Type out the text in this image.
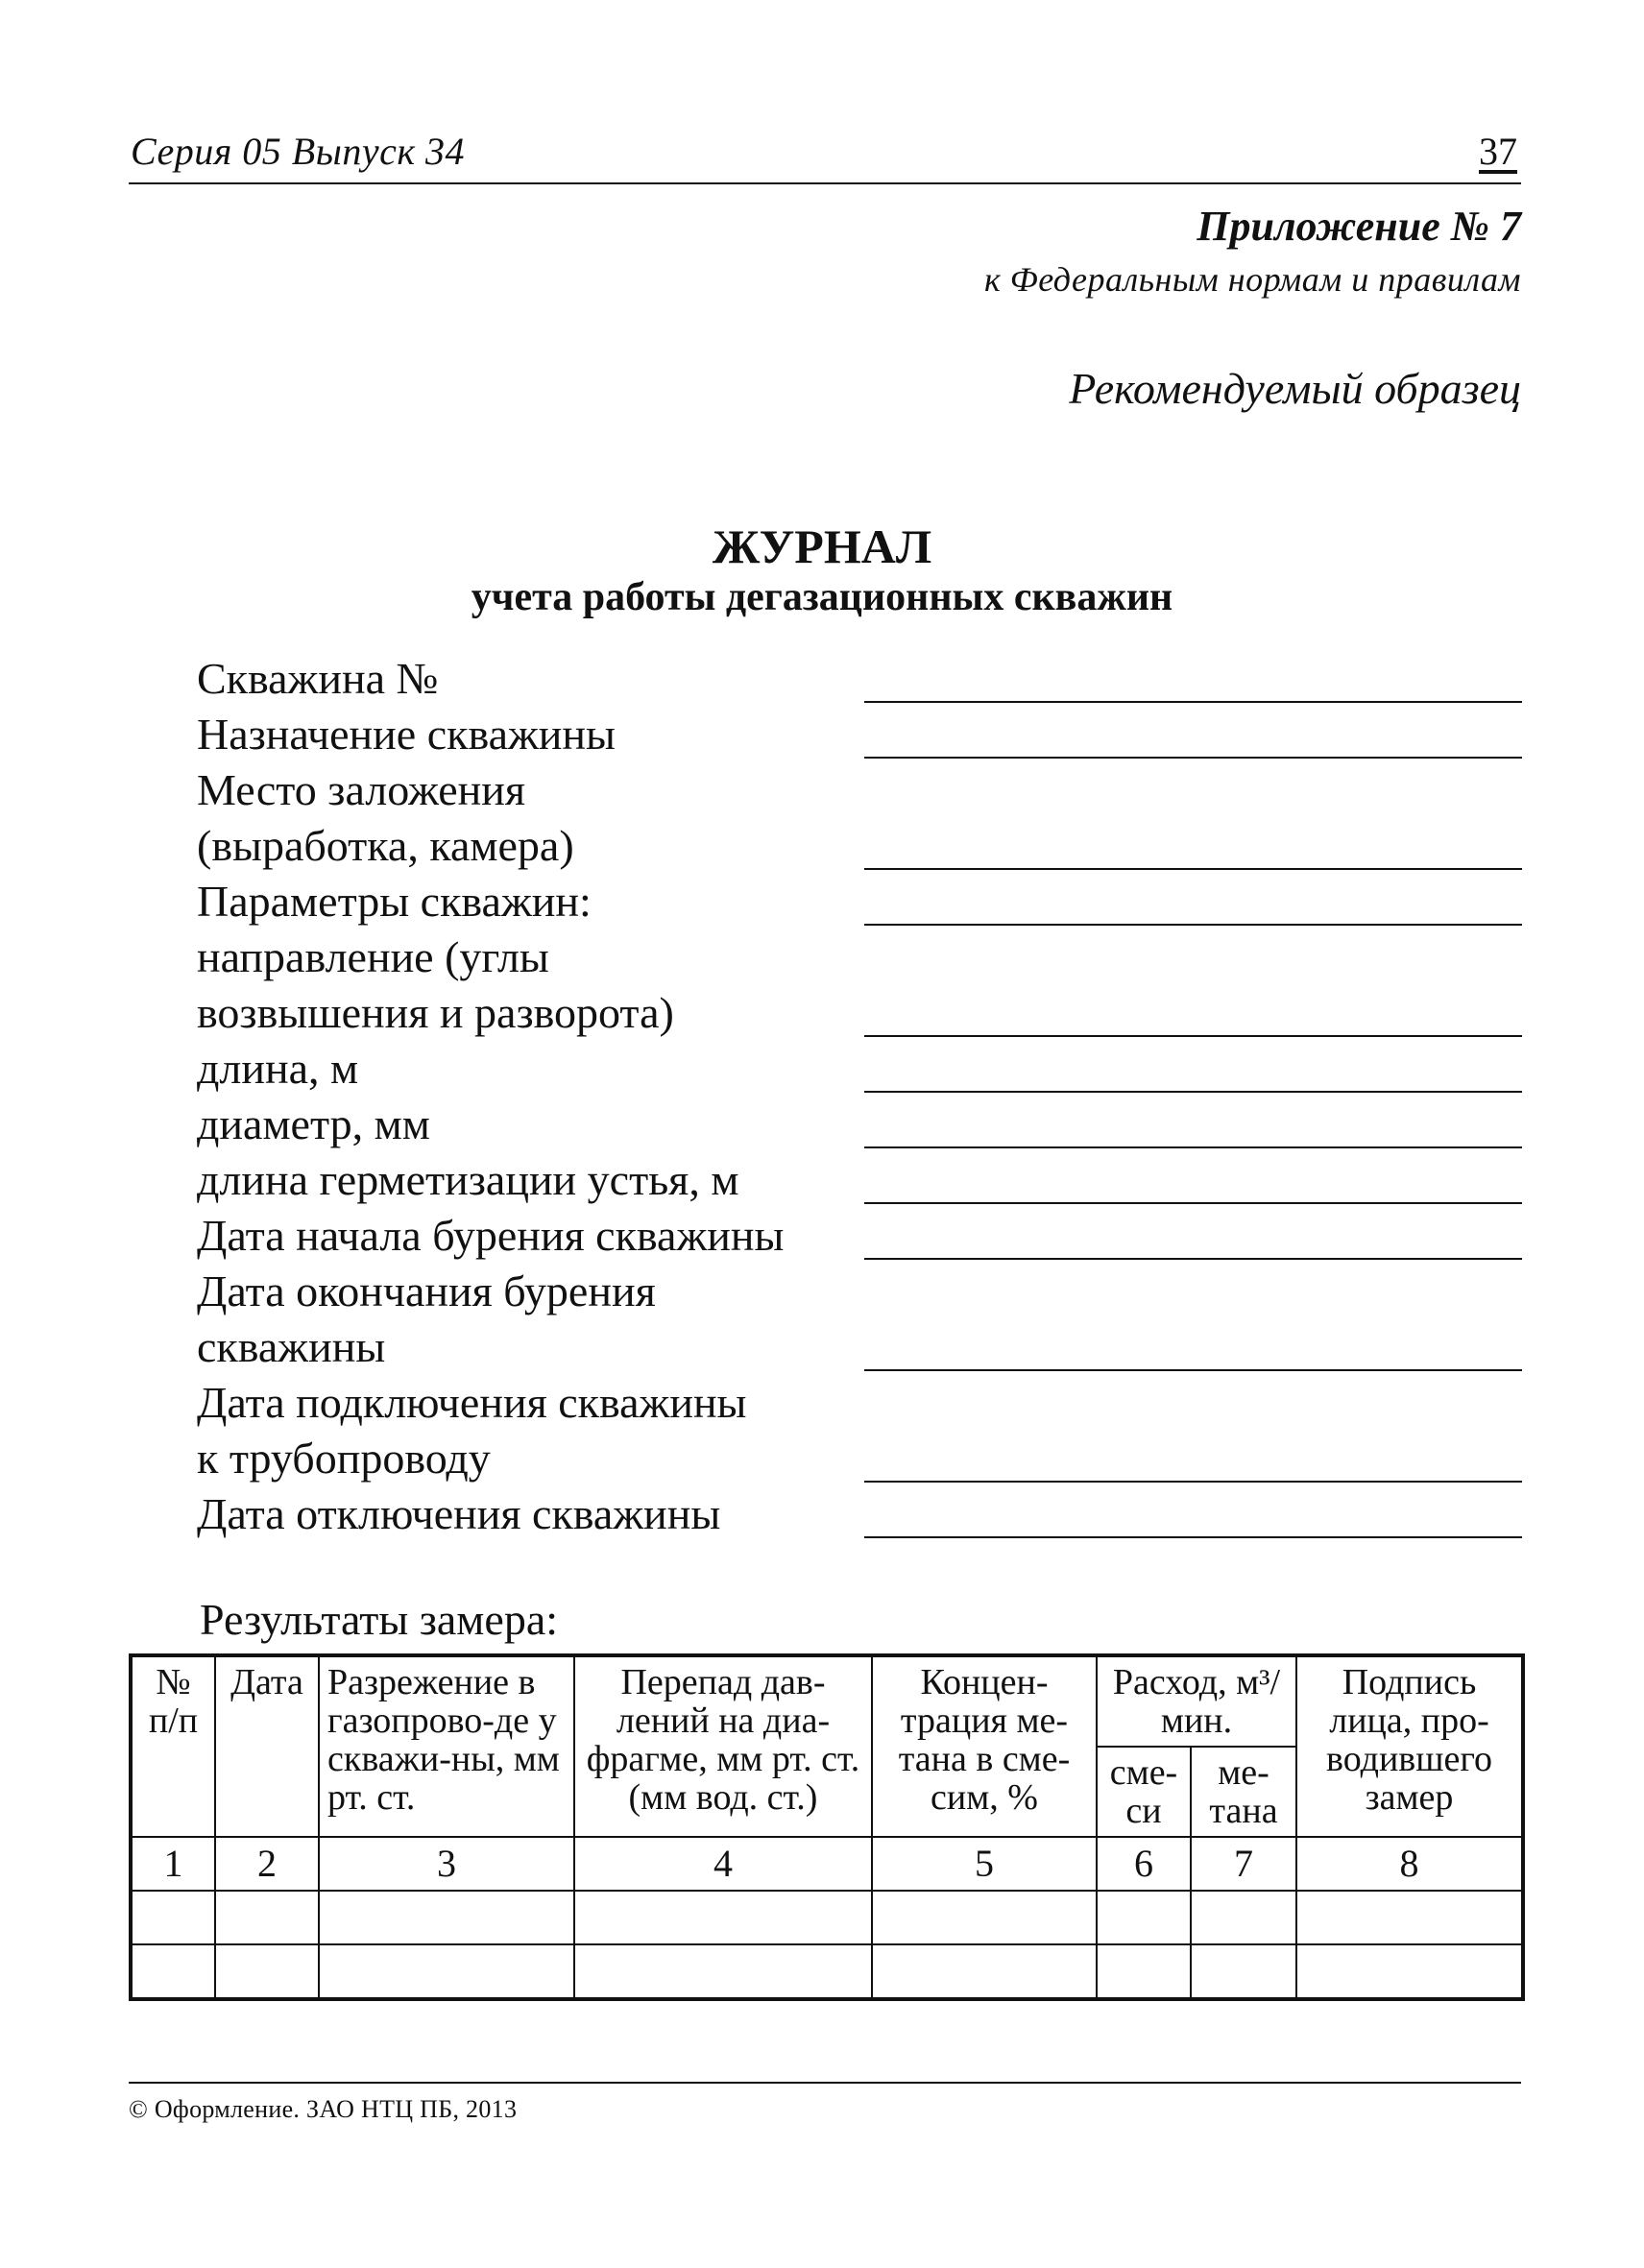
Серия 05 Выпуск 34	37
Приложение № 7
к Федеральным нормам и правилам
Рекомендуемый образец
ЖУРНАЛ
учета работы дегазационных скважин
Скважина №
Назначение скважины
Место заложения
(выработка, камера)
Параметры скважин:
направление (углы
возвышения и разворота)
длина, м
диаметр, мм
длина герметизации устья, м
Дата начала бурения скважины
Дата окончания бурения
скважины
Дата подключения скважины
к трубопроводу
Дата отключения скважины
Результаты замера:
№
п/п	Дата	Разрежение в газопрово-де у скважи-ны, мм рт. ст.	Перепад дав-лений на диа-фрагме, мм рт. ст. (мм вод. ст.)	Концен-трация ме-тана в сме-сим, %	Расход, м³/мин.		Подпись лица, про-водившего замер
					сме-си	ме-тана	
1	2	3	4	5	6	7	8

© Оформление. ЗАО НТЦ ПБ, 2013
